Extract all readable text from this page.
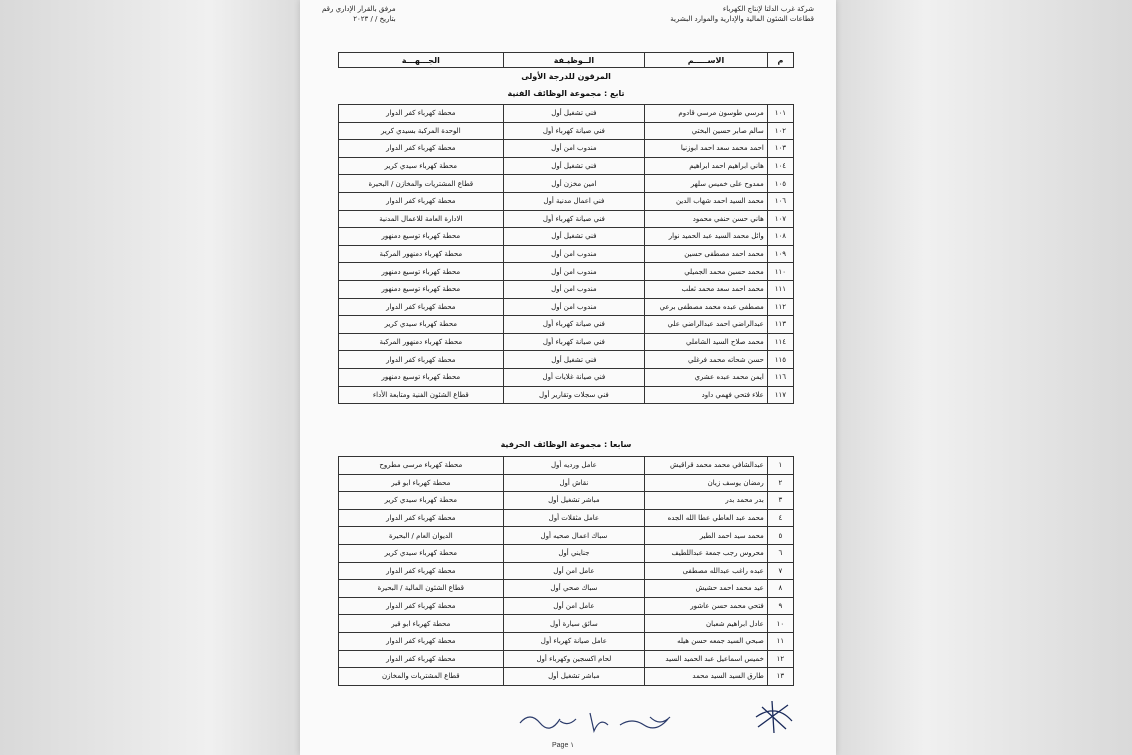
شركة غرب الدلتا لإنتاج الكهرباء
قطاعات الشئون المالية والإدارية والموارد البشرية
مرفق بالقرار الإداري رقم
بتاريخ / / ٢٠٢٣
م	الاســـــم	الــوظيـفة	الجـــهـــة
المرقون للدرجة الأولى
تابع : مجموعة الوظائف الفنية
١٠١	مرسي طوسون مرسي قادوم	فني تشغيل أول	محطة كهرباء كفر الدوار
١٠٢	سالم صابر حسين البختي	فني صيانة كهرباء أول	الوحدة المركبة بسيدي كرير
١٠٣	احمد محمد سعد احمد ابوزنيا	مندوب امن أول	محطة كهرباء كفر الدوار
١٠٤	هاني ابراهيم احمد ابراهيم	فني تشغيل أول	محطة كهرباء سيدي كرير
١٠٥	ممدوح على خميس سلهر	امين مخزن أول	قطاع المشتريات والمخازن / البحيرة
١٠٦	محمد السيد احمد شهاب الدين	فني اعمال مدنية أول	محطة كهرباء كفر الدوار
١٠٧	هاني حسن حنفي محمود	فني صيانة كهرباء أول	الادارة العامة للاعمال المدنية
١٠٨	وائل محمد السيد عبد الحميد نوار	فني تشغيل أول	محطة كهرباء توسيع دمنهور
١٠٩	محمد احمد مصطفى حسين	مندوب امن أول	محطة كهرباء دمنهور المركبة
١١٠	محمد حسين محمد الجميلي	مندوب امن أول	محطة كهرباء توسيع دمنهور
١١١	محمد احمد سعد محمد ثعلب	مندوب امن أول	محطة كهرباء توسيع دمنهور
١١٢	مصطفى عبده محمد مصطفى برعي	مندوب امن أول	محطة كهرباء كفر الدوار
١١٣	عبدالراضي احمد عبدالراضي علي	فني صيانة كهرباء أول	محطة كهرباء سيدي كرير
١١٤	محمد صلاح السيد الشاملي	فني صيانة كهرباء أول	محطة كهرباء دمنهور المركبة
١١٥	حسن شحاته محمد فرغلي	فني تشغيل أول	محطة كهرباء كفر الدوار
١١٦	ايمن محمد عبده عشري	فني صيانة غلايات أول	محطة كهرباء توسيع دمنهور
١١٧	علاء فتحي فهمي داود	فني سجلات وتقارير أول	قطاع الشئون الفنية ومتابعة الأداء
سابعا : مجموعة الوظائف الحرفية
١	عبدالشافي محمد محمد قراقيش	عامل ورديه أول	محطة كهرباء مرسى مطروح
٢	رمضان يوسف زيان	نقاش أول	محطة كهرباء ابو قير
٣	بدر محمد بدر	مباشر تشغيل أول	محطة كهرباء سيدي كرير
٤	محمد عبد العاطي عطا الله الجده	عامل مثقلات أول	محطة كهرباء كفر الدوار
٥	محمد سيد احمد الطير	سباك اعمال صحيه أول	الديوان العام / البحيرة
٦	محروس رجب جمعة عبداللطيف	جنايني أول	محطة كهرباء سيدي كرير
٧	عبده راغب عبدالله مصطفى	عامل امن أول	محطة كهرباء كفر الدوار
٨	عيد محمد احمد حشيش	سباك صحي أول	قطاع الشئون المالية / البحيرة
٩	فتحي محمد حسن عاشور	عامل امن أول	محطة كهرباء كفر الدوار
١٠	عادل ابراهيم شعبان	سائق سيارة أول	محطة كهرباء ابو قير
١١	صبحي السيد جمعه حسن هيله	عامل صيانة كهرباء أول	محطة كهرباء كفر الدوار
١٢	خميس اسماعيل عبد الحميد السيد	لحام اكسجين وكهرباء أول	محطة كهرباء كفر الدوار
١٣	طارق السيد السيد محمد	مباشر تشغيل أول	قطاع المشتريات والمخازن
Page ١
